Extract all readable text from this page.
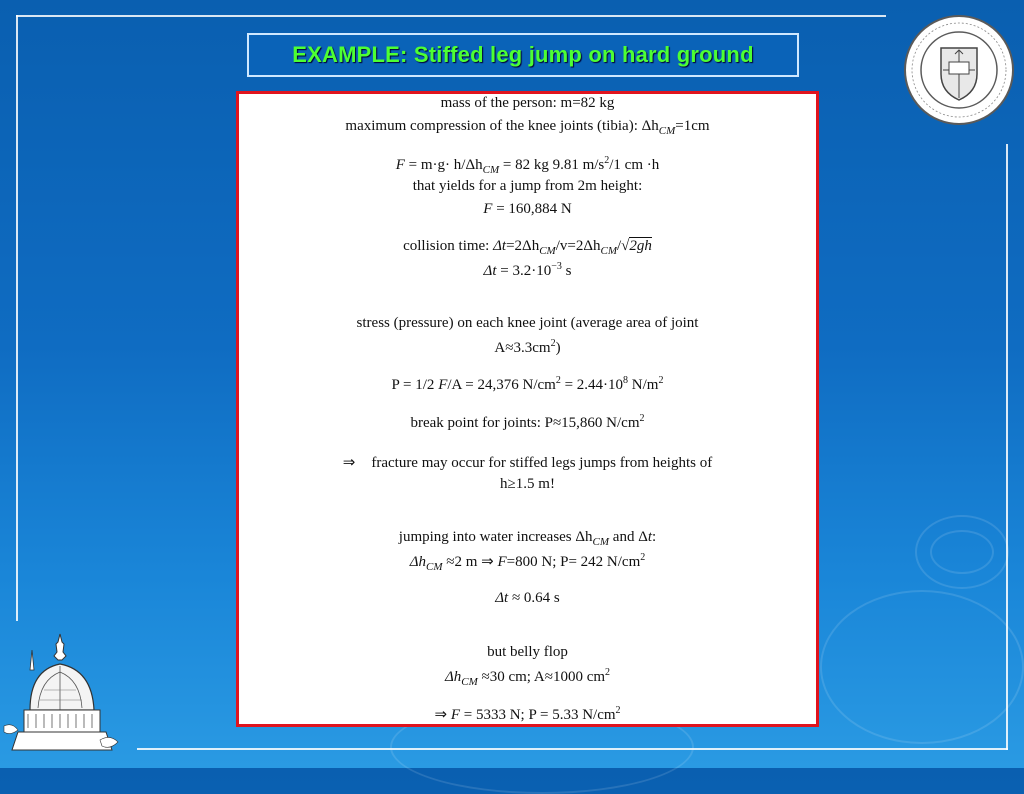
EXAMPLE: Stiffed leg jump on hard ground
mass of the person: m=82 kg
maximum compression of the knee joints (tibia): $\Delta h_{CM}=1cm$
$F = m\cdot g\cdot h/\Delta h_{CM} = 82$ kg 9.81 $m/s^2/1$ cm ·h
that yields for a jump from 2m height:
F = 160,884 N
collision time: $\Delta t=2\Delta h_{CM}/v=2\Delta h_{CM}/√2gh$
$\Delta t = 3.2\cdot 10^{-3}$ s
stress (pressure) on each knee joint (average area of joint
$A\approx 3.3cm^2$)
P = 1/2 F/A = 24,376 $N/cm^2 = 2.44\cdot 10^8$ $N/m^2$
break point for joints: P≈15,860 $N/cm^2$
⇒ fracture may occur for stiffed legs jumps from heights of
h≥1.5 m!
jumping into water increases $\Delta h_{CM}$ and Δt:
$\Delta h_{CM} \approx 2$ m ⇒ F=800 N; P= 242 $N/cm^2$
Δt ≈ 0.64 s
but belly flop
$\Delta h_{CM} \approx 30$ cm; A≈1000 $cm^2$
⇒ F = 5333 N; P = 5.33 $N/cm^2$
